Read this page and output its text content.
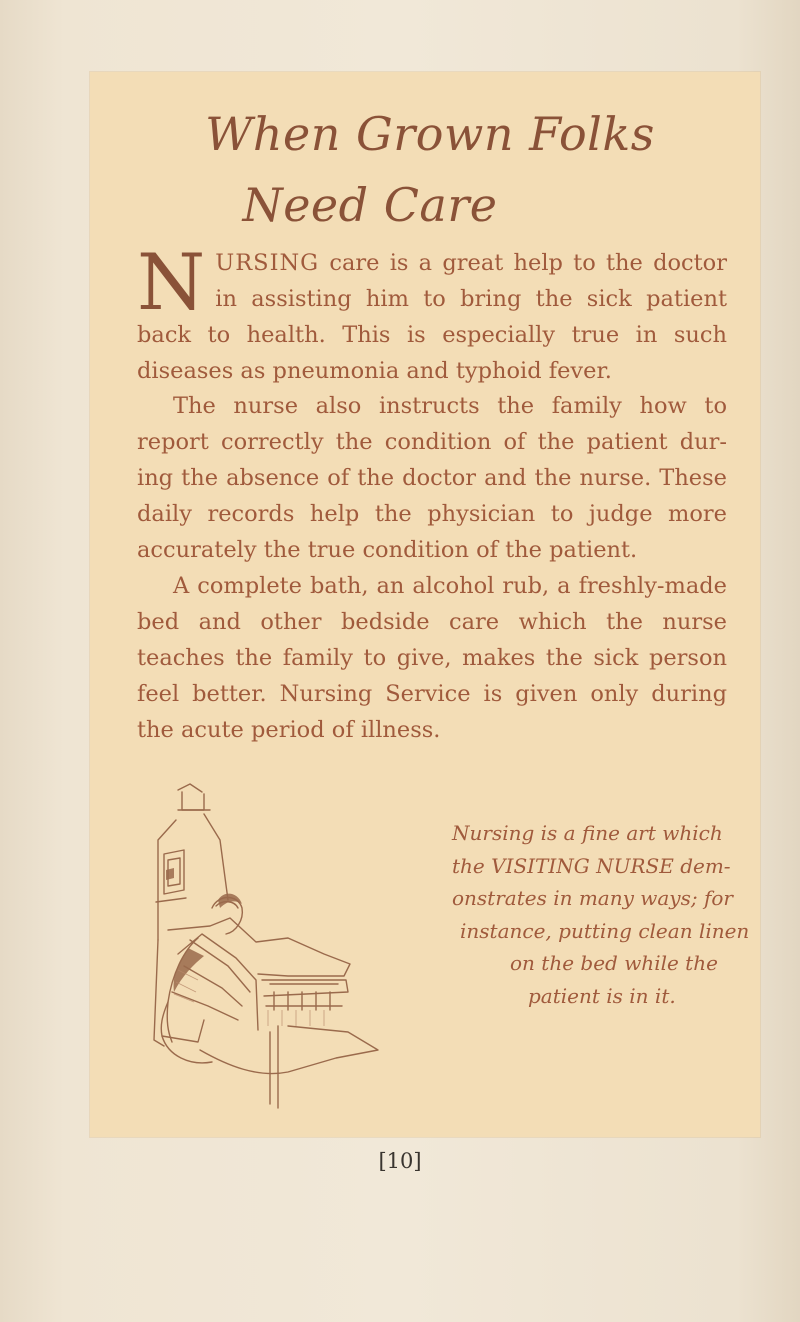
When Grown Folks
Need Care

NURSING care is a great help to the doctor in assisting him to bring the sick patient back to health. This is especially true in such diseases as pneumonia and typhoid fever.

The nurse also instructs the family how to report correctly the condition of the patient dur- ing the absence of the doctor and the nurse. These daily records help the physician to judge more accurately the true condition of the patient.

A complete bath, an alcohol rub, a freshly-made bed and other bedside care which the nurse teaches the family to give, makes the sick person feel better. Nursing Service is given only during the acute period of illness.

Nursing is a fine art which
the VISITING NURSE dem-
onstrates in many ways; for
instance, putting clean linen
on the bed while the
patient is in it.

[10]
